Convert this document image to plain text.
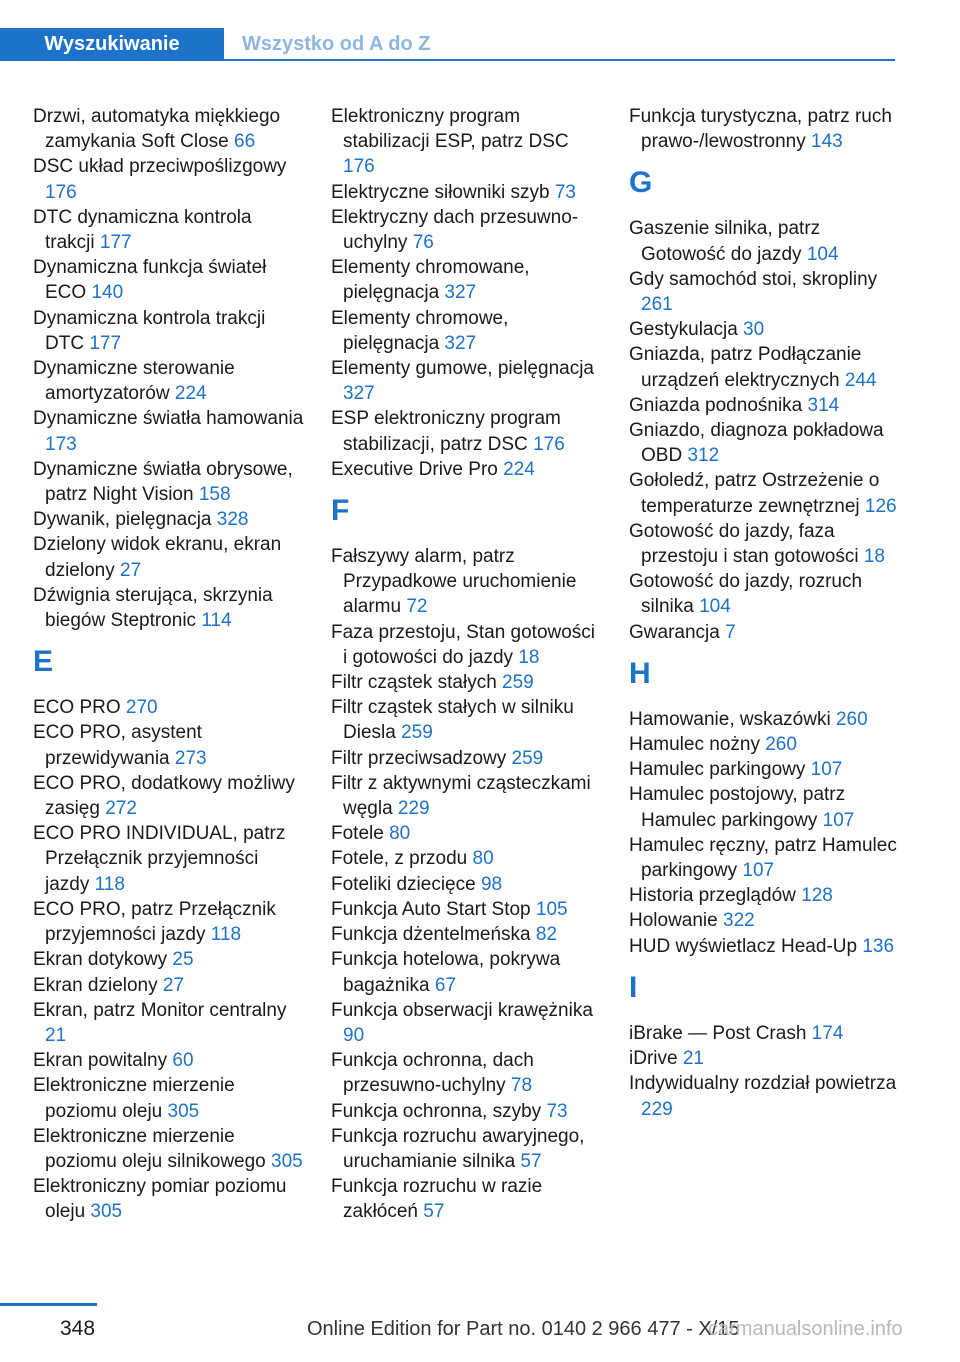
Wyszukiwanie	Wszystko od A do Z
Drzwi, automatyka miękkiego zamykania Soft Close 66
DSC układ przeciwpoślizgowy 176
DTC dynamiczna kontrola trakcji 177
Dynamiczna funkcja świateł ECO 140
Dynamiczna kontrola trakcji DTC 177
Dynamiczne sterowanie amortyzatorów 224
Dynamiczne światła hamowania 173
Dynamiczne światła obrysowe, patrz Night Vision 158
Dywanik, pielęgnacja 328
Dzielony widok ekranu, ekran dzielony 27
Dźwignia sterująca, skrzynia biegów Steptronic 114
E
ECO PRO 270
ECO PRO, asystent przewidywania 273
ECO PRO, dodatkowy możliwy zasięg 272
ECO PRO INDIVIDUAL, patrz Przełącznik przyjemności jazdy 118
ECO PRO, patrz Przełącznik przyjemności jazdy 118
Ekran dotykowy 25
Ekran dzielony 27
Ekran, patrz Monitor centralny 21
Ekran powitalny 60
Elektroniczne mierzenie poziomu oleju 305
Elektroniczne mierzenie poziomu oleju silnikowego 305
Elektroniczny pomiar poziomu oleju 305
Elektroniczny program stabilizacji ESP, patrz DSC 176
Elektryczne siłowniki szyb 73
Elektryczny dach przesuwno-uchylny 76
Elementy chromowane, pielęgnacja 327
Elementy chromowe, pielęgnacja 327
Elementy gumowe, pielęgnacja 327
ESP elektroniczny program stabilizacji, patrz DSC 176
Executive Drive Pro 224
F
Fałszywy alarm, patrz Przypadkowe uruchomienie alarmu 72
Faza przestoju, Stan gotowości i gotowości do jazdy 18
Filtr cząstek stałych 259
Filtr cząstek stałych w silniku Diesla 259
Filtr przeciwsadzowy 259
Filtr z aktywnymi cząsteczkami węgla 229
Fotele 80
Fotele, z przodu 80
Foteliki dziecięce 98
Funkcja Auto Start Stop 105
Funkcja dżentelmeńska 82
Funkcja hotelowa, pokrywa bagażnika 67
Funkcja obserwacji krawężnika 90
Funkcja ochronna, dach przesuwno-uchylny 78
Funkcja ochronna, szyby 73
Funkcja rozruchu awaryjnego, uruchamianie silnika 57
Funkcja rozruchu w razie zakłóceń 57
Funkcja turystyczna, patrz ruch prawo-/lewostronny 143
G
Gaszenie silnika, patrz Gotowość do jazdy 104
Gdy samochód stoi, skropliny 261
Gestykulacja 30
Gniazda, patrz Podłączanie urządzeń elektrycznych 244
Gniazda podnośnika 314
Gniazdo, diagnoza pokładowa OBD 312
Gołoledź, patrz Ostrzeżenie o temperaturze zewnętrznej 126
Gotowość do jazdy, faza przestoju i stan gotowości 18
Gotowość do jazdy, rozruch silnika 104
Gwarancja 7
H
Hamowanie, wskazówki 260
Hamulec nożny 260
Hamulec parkingowy 107
Hamulec postojowy, patrz Hamulec parkingowy 107
Hamulec ręczny, patrz Hamulec parkingowy 107
Historia przeglądów 128
Holowanie 322
HUD wyświetlacz Head-Up 136
I
iBrake — Post Crash 174
iDrive 21
Indywidualny rozdział powietrza 229
348	Online Edition for Part no. 0140 2 966 477 - X/15
carmanualsonline.info
